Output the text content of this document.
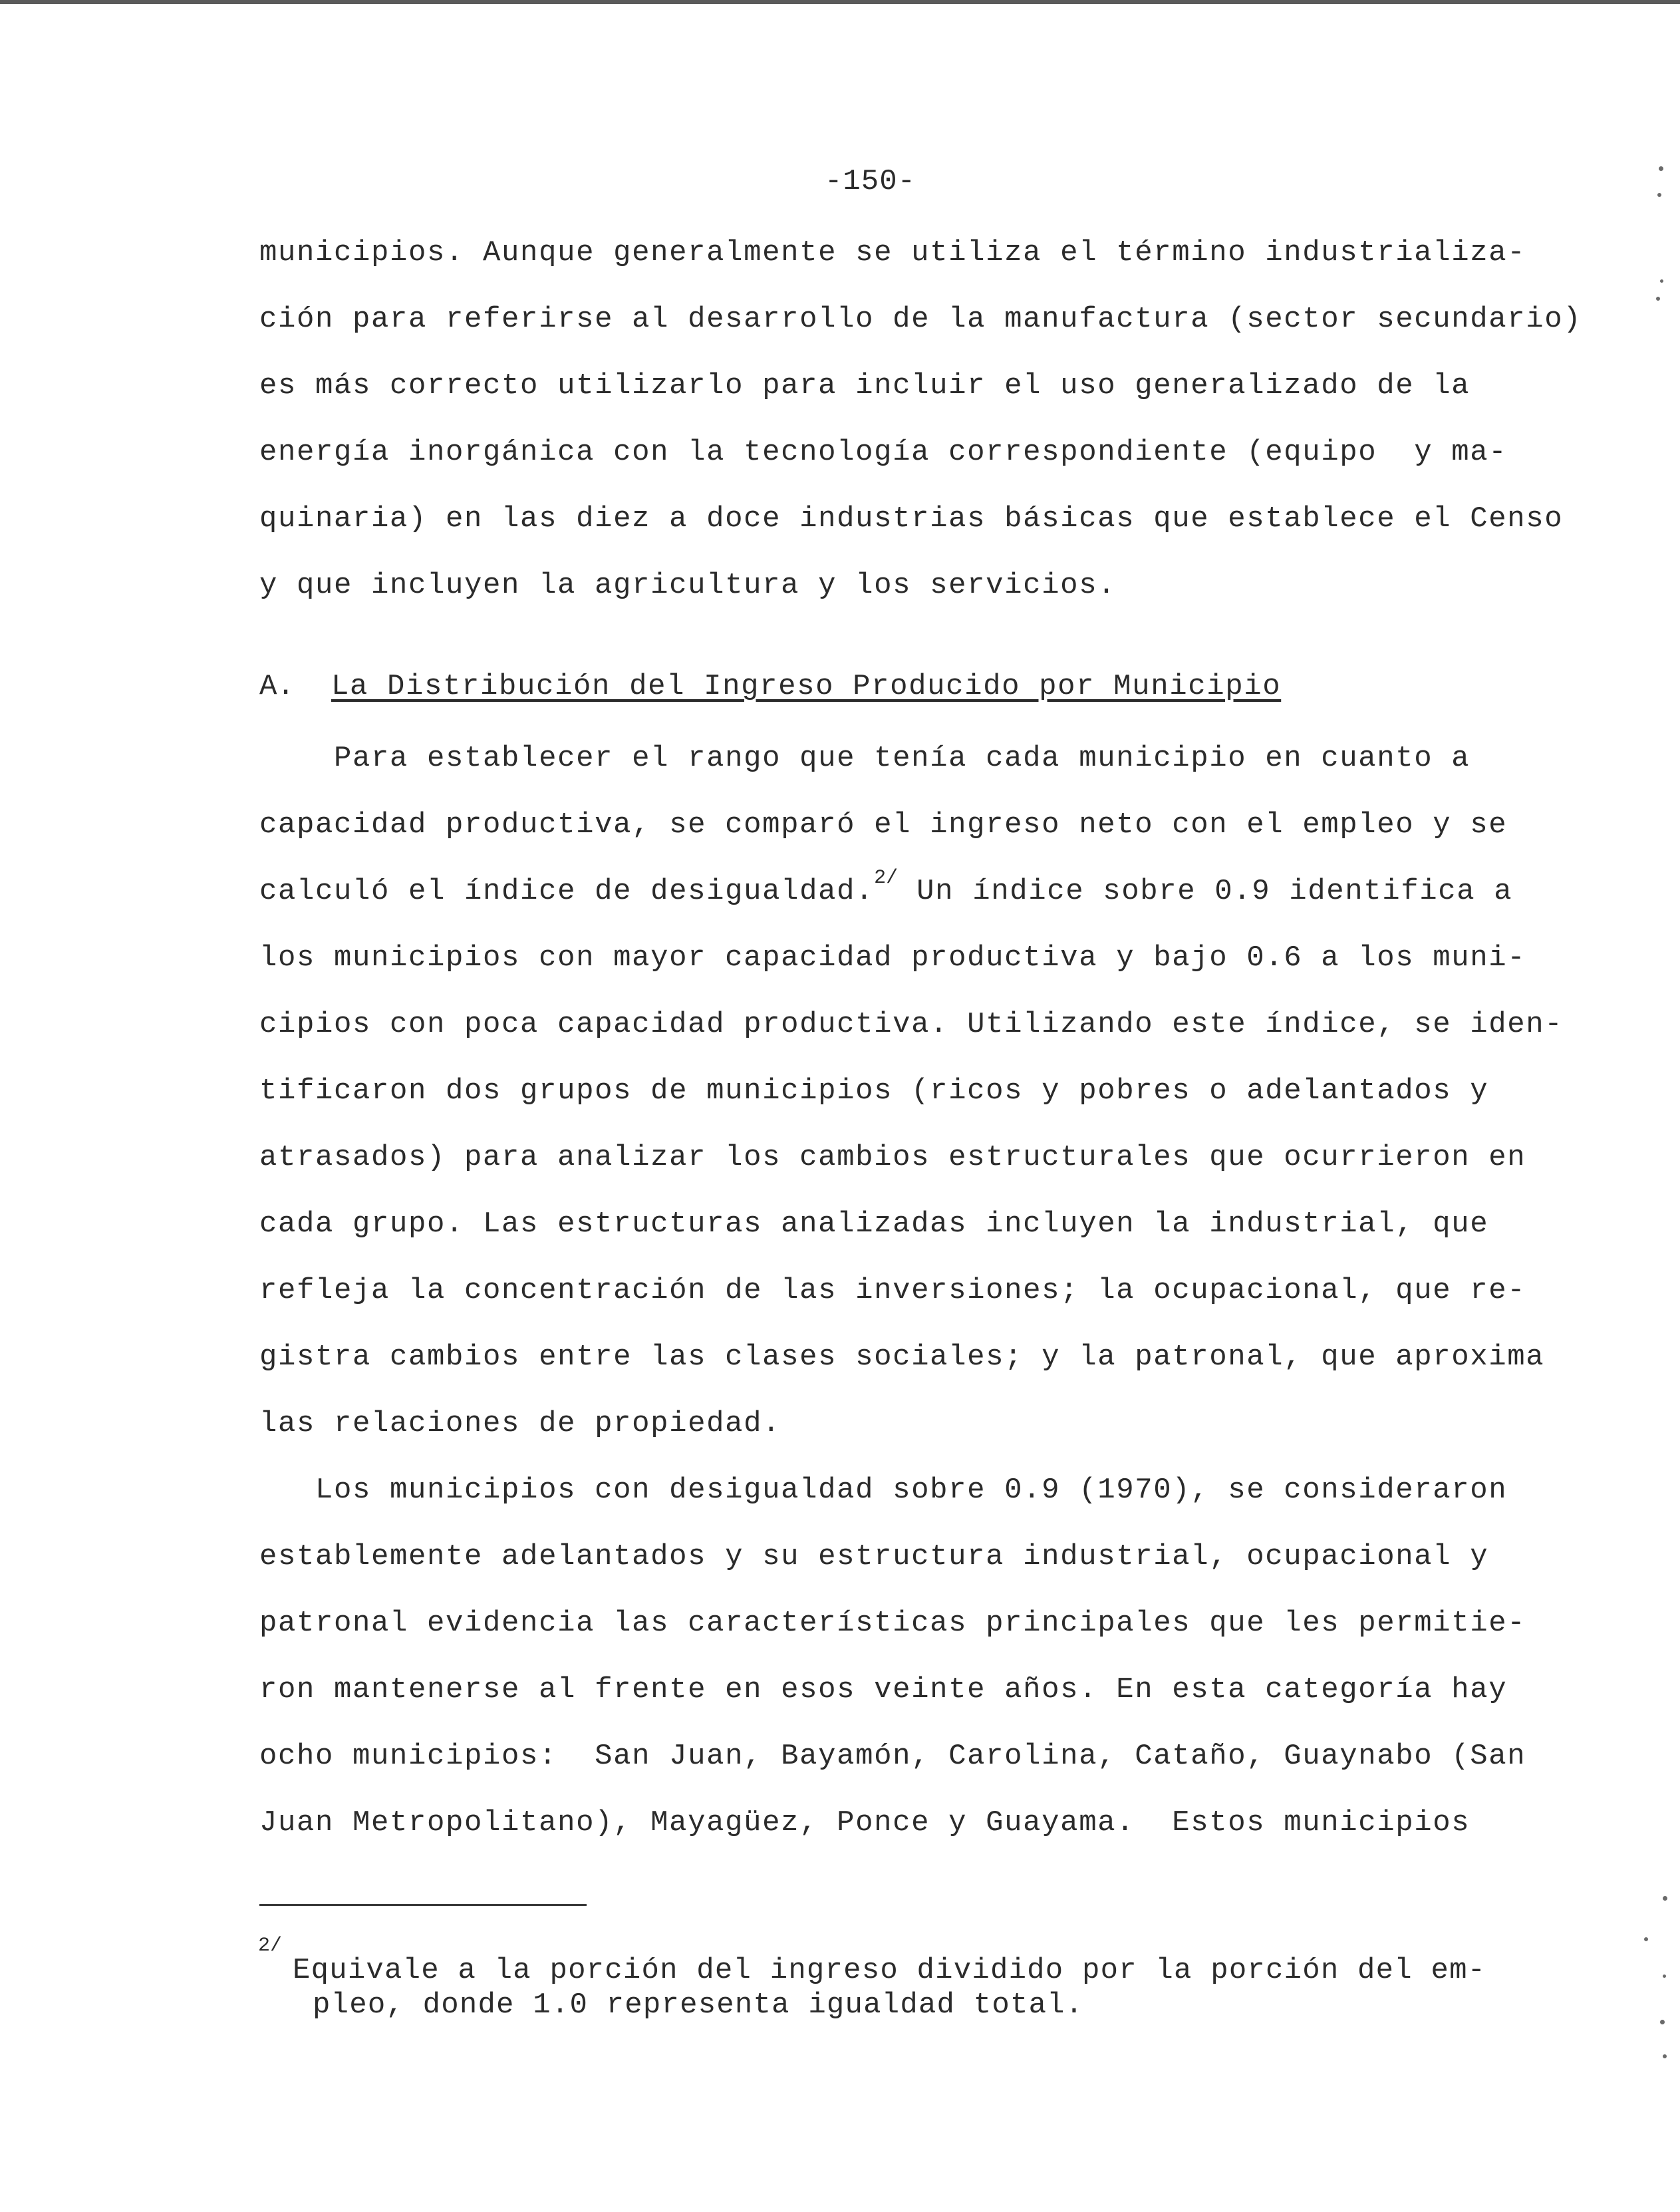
-150-
municipios. Aunque generalmente se utiliza el término industrializa-
ción para referirse al desarrollo de la manufactura (sector secundario)
es más correcto utilizarlo para incluir el uso generalizado de la
energía inorgánica con la tecnología correspondiente (equipo  y ma-
quinaria) en las diez a doce industrias básicas que establece el Censo
y que incluyen la agricultura y los servicios.
A. La Distribución del Ingreso Producido por Municipio
Para establecer el rango que tenía cada municipio en cuanto a
capacidad productiva, se comparó el ingreso neto con el empleo y se
calculó el índice de desigualdad.$^{2/}$ Un índice sobre 0.9 identifica a
los municipios con mayor capacidad productiva y bajo 0.6 a los muni-
cipios con poca capacidad productiva. Utilizando este índice, se iden-
tificaron dos grupos de municipios (ricos y pobres o adelantados y
atrasados) para analizar los cambios estructurales que ocurrieron en
cada grupo. Las estructuras analizadas incluyen la industrial, que
refleja la concentración de las inversiones; la ocupacional, que re-
gistra cambios entre las clases sociales; y la patronal, que aproxima
las relaciones de propiedad.
Los municipios con desigualdad sobre 0.9 (1970), se consideraron
establemente adelantados y su estructura industrial, ocupacional y
patronal evidencia las características principales que les permitie-
ron mantenerse al frente en esos veinte años. En esta categoría hay
ocho municipios:  San Juan, Bayamón, Carolina, Cataño, Guaynabo (San
Juan Metropolitano), Mayagüez, Ponce y Guayama.  Estos municipios
2/
Equivale a la porción del ingreso dividido por la porción del em-
pleo, donde 1.0 representa igualdad total.
